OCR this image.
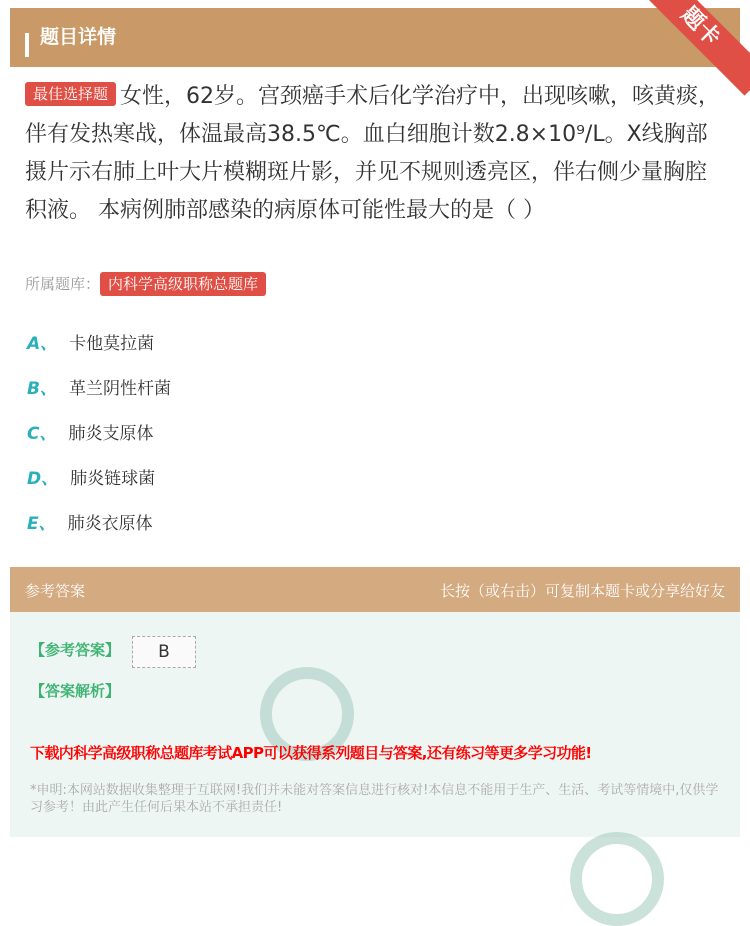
题目详情	题卡
最佳选择题 女性，62岁。宫颈癌手术后化学治疗中，出现咳嗽，咳黄痰，伴有发热寒战，体温最高38.5℃。血白细胞计数2.8×10⁹/L。X线胸部摄片示右肺上叶大片模糊斑片影，并见不规则透亮区，伴右侧少量胸腔积液。 本病例肺部感染的病原体可能性最大的是（ ）
所属题库： 内科学高级职称总题库
A、 卡他莫拉菌
B、 革兰阴性杆菌
C、 肺炎支原体
D、 肺炎链球菌
E、 肺炎衣原体
参考答案	长按（或右击）可复制本题卡或分享给好友
【参考答案】	B
【答案解析】
下载内科学高级职称总题库考试APP可以获得系列题目与答案,还有练习等更多学习功能!
*申明:本网站数据收集整理于互联网!我们并未能对答案信息进行核对!本信息不能用于生产、生活、考试等情境中,仅供学习参考！由此产生任何后果本站不承担责任!
